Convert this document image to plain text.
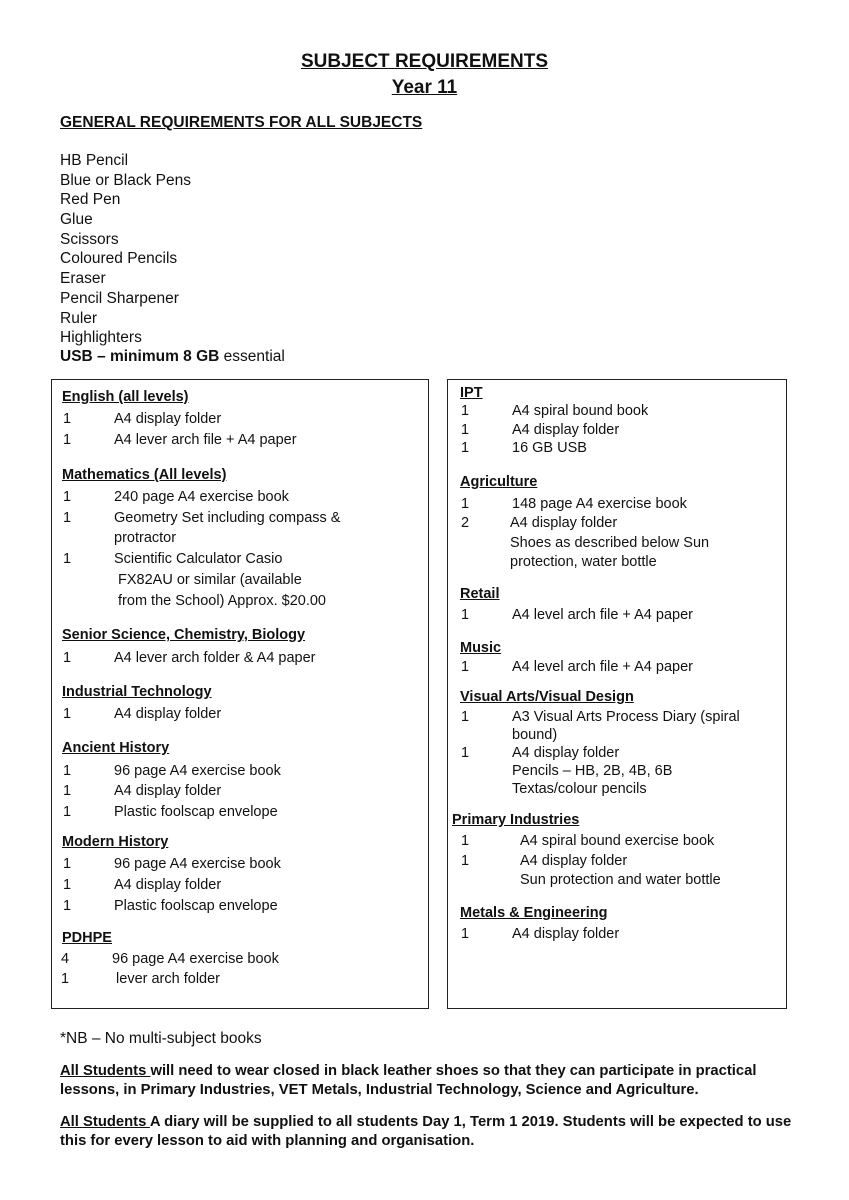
SUBJECT REQUIREMENTS
Year 11
GENERAL REQUIREMENTS FOR ALL SUBJECTS
HB Pencil
Blue or Black Pens
Red Pen
Glue
Scissors
Coloured Pencils
Eraser
Pencil Sharpener
Ruler
Highlighters
USB – minimum 8 GB essential
English (all levels)
1	A4 display folder
1	A4 lever arch file + A4 paper
Mathematics (All levels)
1	240 page A4 exercise book
1	Geometry Set including compass &
protractor
1	Scientific Calculator Casio
FX82AU or similar (available
from the School) Approx. $20.00
Senior Science, Chemistry, Biology
1	A4 lever arch folder & A4 paper
Industrial Technology
1	A4 display folder
Ancient History
1	96 page A4 exercise book
1	A4 display folder
1	Plastic foolscap envelope
Modern History
1	96 page A4 exercise book
1	A4 display folder
1	Plastic foolscap envelope
PDHPE
4	96 page A4 exercise book
1	lever arch folder
IPT
1	A4 spiral bound book
1	A4 display folder
1	16 GB USB
Agriculture
1	148 page A4 exercise book
2	A4 display folder
Shoes as described below Sun
protection, water bottle
Retail
1	A4 level arch file + A4 paper
Music
1	A4 level arch file + A4 paper
Visual Arts/Visual Design
1	A3 Visual Arts Process Diary (spiral
bound)
1	A4 display folder
Pencils – HB, 2B, 4B, 6B
Textas/colour pencils
Primary Industries
1	A4 spiral bound exercise book
1	A4 display folder
Sun protection and water bottle
Metals & Engineering
1	A4 display folder
*NB – No multi-subject books
All Students will need to wear closed in black leather shoes so that they can participate in practical lessons, in Primary Industries, VET Metals, Industrial Technology, Science and Agriculture.
All Students A diary will be supplied to all students Day 1, Term 1 2019. Students will be expected to use this for every lesson to aid with planning and organisation.
